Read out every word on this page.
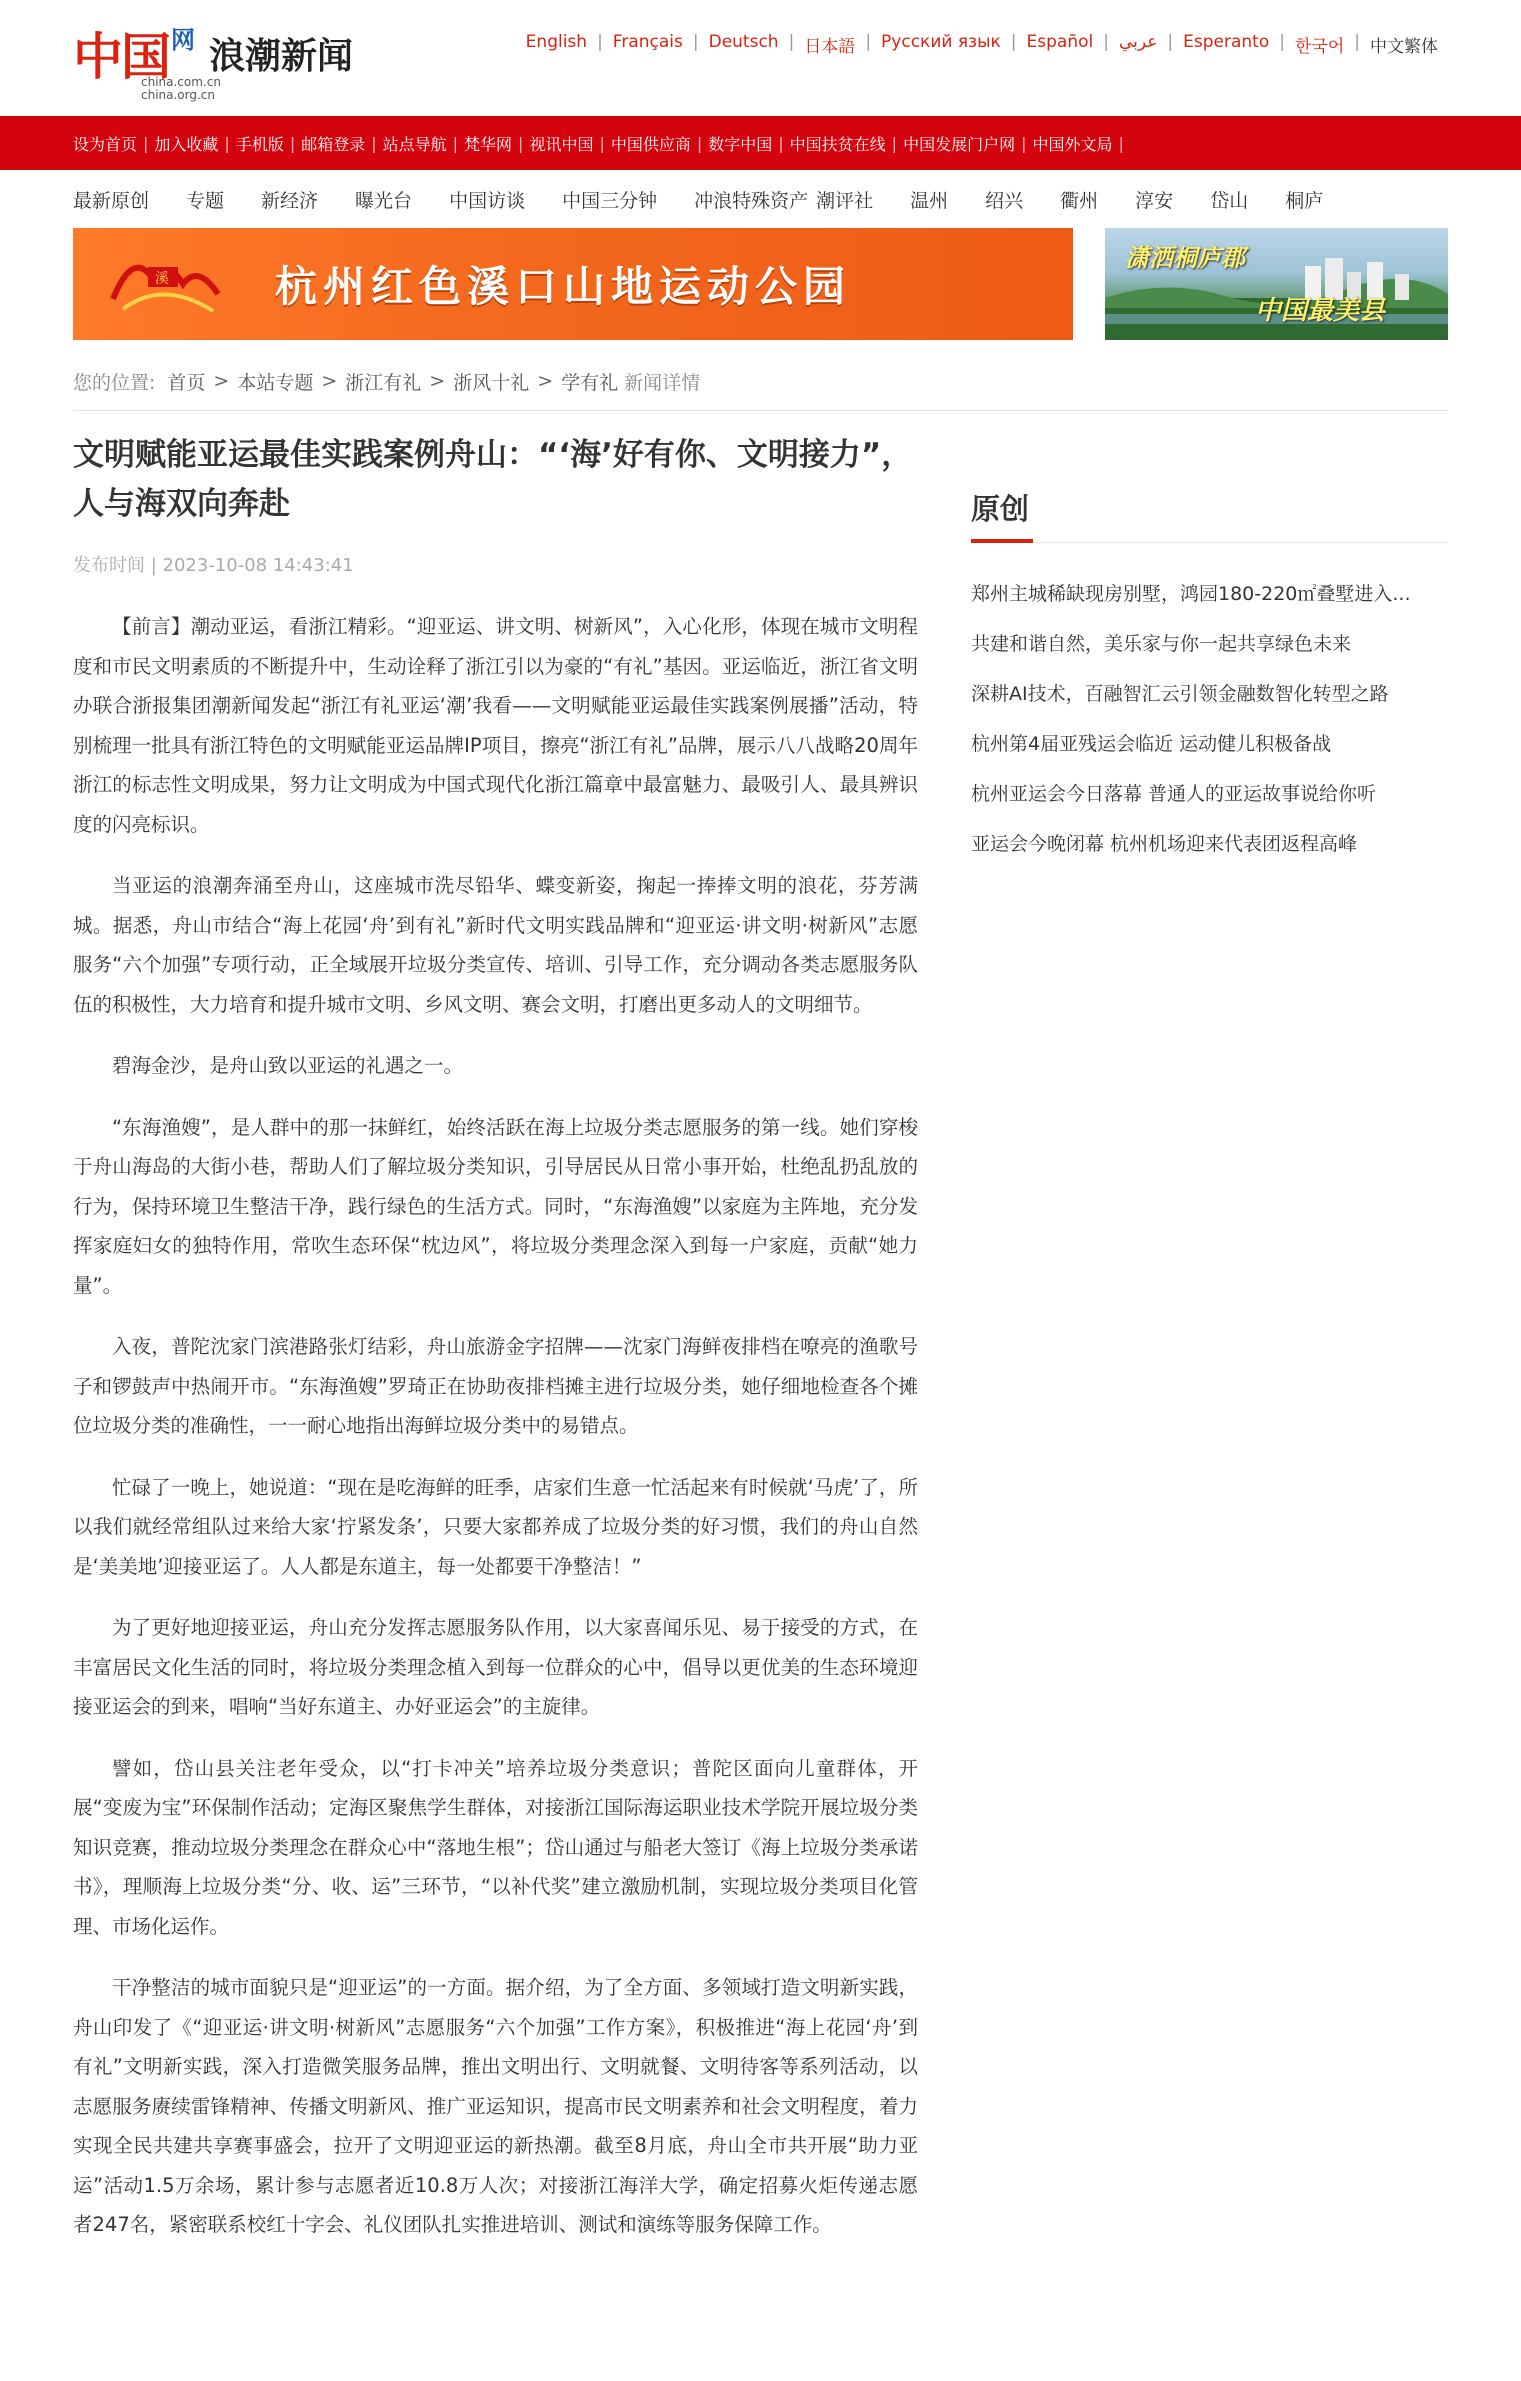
中国 网 浪潮新闻
china.com.cn
china.org.cn
English | Français | Deutsch | 日本語 | Русский язык | Español | عربي | Esperanto | 한국어 | 中文繁体
设为首页 | 加入收藏 | 手机版 | 邮箱登录 | 站点导航 | 梵华网 | 视讯中国 | 中国供应商 | 数字中国 | 中国扶贫在线 | 中国发展门户网 | 中国外文局 |
最新原创 专题 新经济 曝光台 中国访谈 中国三分钟 冲浪特殊资产 潮评社 温州 绍兴 衢州 淳安 岱山 桐庐
溪	杭州红色溪口山地运动公园
潇洒桐庐郡
中国最美县
您的位置: 首页 > 本站专题 > 浙江有礼 > 浙风十礼 > 学有礼 新闻详情
文明赋能亚运最佳实践案例舟山：“‘海’好有你、文明接力”，人与海双向奔赴
发布时间 | 2023-10-08 14:43:41

【前言】潮动亚运，看浙江精彩。“迎亚运、讲文明、树新风”，入心化形，体现在城市文明程度和市民文明素质的不断提升中，生动诠释了浙江引以为豪的“有礼”基因。亚运临近，浙江省文明办联合浙报集团潮新闻发起“浙江有礼亚运‘潮’我看——文明赋能亚运最佳实践案例展播”活动，特别梳理一批具有浙江特色的文明赋能亚运品牌IP项目，擦亮“浙江有礼”品牌，展示八八战略20周年浙江的标志性文明成果，努力让文明成为中国式现代化浙江篇章中最富魅力、最吸引人、最具辨识度的闪亮标识。

当亚运的浪潮奔涌至舟山，这座城市洗尽铅华、蝶变新姿，掬起一捧捧文明的浪花，芬芳满城。据悉，舟山市结合“海上花园‘舟’到有礼”新时代文明实践品牌和“迎亚运·讲文明·树新风”志愿服务“六个加强”专项行动，正全域展开垃圾分类宣传、培训、引导工作，充分调动各类志愿服务队伍的积极性，大力培育和提升城市文明、乡风文明、赛会文明，打磨出更多动人的文明细节。

碧海金沙，是舟山致以亚运的礼遇之一。

“东海渔嫂”，是人群中的那一抹鲜红，始终活跃在海上垃圾分类志愿服务的第一线。她们穿梭于舟山海岛的大街小巷，帮助人们了解垃圾分类知识，引导居民从日常小事开始，杜绝乱扔乱放的行为，保持环境卫生整洁干净，践行绿色的生活方式。同时，“东海渔嫂”以家庭为主阵地，充分发挥家庭妇女的独特作用，常吹生态环保“枕边风”，将垃圾分类理念深入到每一户家庭，贡献“她力量”。

入夜，普陀沈家门滨港路张灯结彩，舟山旅游金字招牌——沈家门海鲜夜排档在嘹亮的渔歌号子和锣鼓声中热闹开市。“东海渔嫂”罗琦正在协助夜排档摊主进行垃圾分类，她仔细地检查各个摊位垃圾分类的准确性，一一耐心地指出海鲜垃圾分类中的易错点。

忙碌了一晚上，她说道：“现在是吃海鲜的旺季，店家们生意一忙活起来有时候就‘马虎’了，所以我们就经常组队过来给大家‘拧紧发条’，只要大家都养成了垃圾分类的好习惯，我们的舟山自然是‘美美地’迎接亚运了。人人都是东道主，每一处都要干净整洁！”

为了更好地迎接亚运，舟山充分发挥志愿服务队作用，以大家喜闻乐见、易于接受的方式，在丰富居民文化生活的同时，将垃圾分类理念植入到每一位群众的心中，倡导以更优美的生态环境迎接亚运会的到来，唱响“当好东道主、办好亚运会”的主旋律。

譬如，岱山县关注老年受众，以“打卡冲关”培养垃圾分类意识；普陀区面向儿童群体，开展“变废为宝”环保制作活动；定海区聚焦学生群体，对接浙江国际海运职业技术学院开展垃圾分类知识竞赛，推动垃圾分类理念在群众心中“落地生根”；岱山通过与船老大签订《海上垃圾分类承诺书》，理顺海上垃圾分类“分、收、运”三环节，“以补代奖”建立激励机制，实现垃圾分类项目化管理、市场化运作。

干净整洁的城市面貌只是“迎亚运”的一方面。据介绍，为了全方面、多领域打造文明新实践，舟山印发了《“迎亚运·讲文明·树新风”志愿服务“六个加强”工作方案》，积极推进“海上花园‘舟’到有礼”文明新实践，深入打造微笑服务品牌，推出文明出行、文明就餐、文明待客等系列活动，以志愿服务赓续雷锋精神、传播文明新风、推广亚运知识，提高市民文明素养和社会文明程度，着力实现全民共建共享赛事盛会，拉开了文明迎亚运的新热潮。截至8月底，舟山全市共开展“助力亚运”活动1.5万余场，累计参与志愿者近10.8万人次；对接浙江海洋大学，确定招募火炬传递志愿者247名，紧密联系校红十字会、礼仪团队扎实推进培训、测试和演练等服务保障工作。

原创
郑州主城稀缺现房别墅，鸿园180-220㎡叠墅进入...
共建和谐自然，美乐家与你一起共享绿色未来
深耕AI技术，百融智汇云引领金融数智化转型之路
杭州第4届亚残运会临近 运动健儿积极备战
杭州亚运会今日落幕 普通人的亚运故事说给你听
亚运会今晚闭幕 杭州机场迎来代表团返程高峰
